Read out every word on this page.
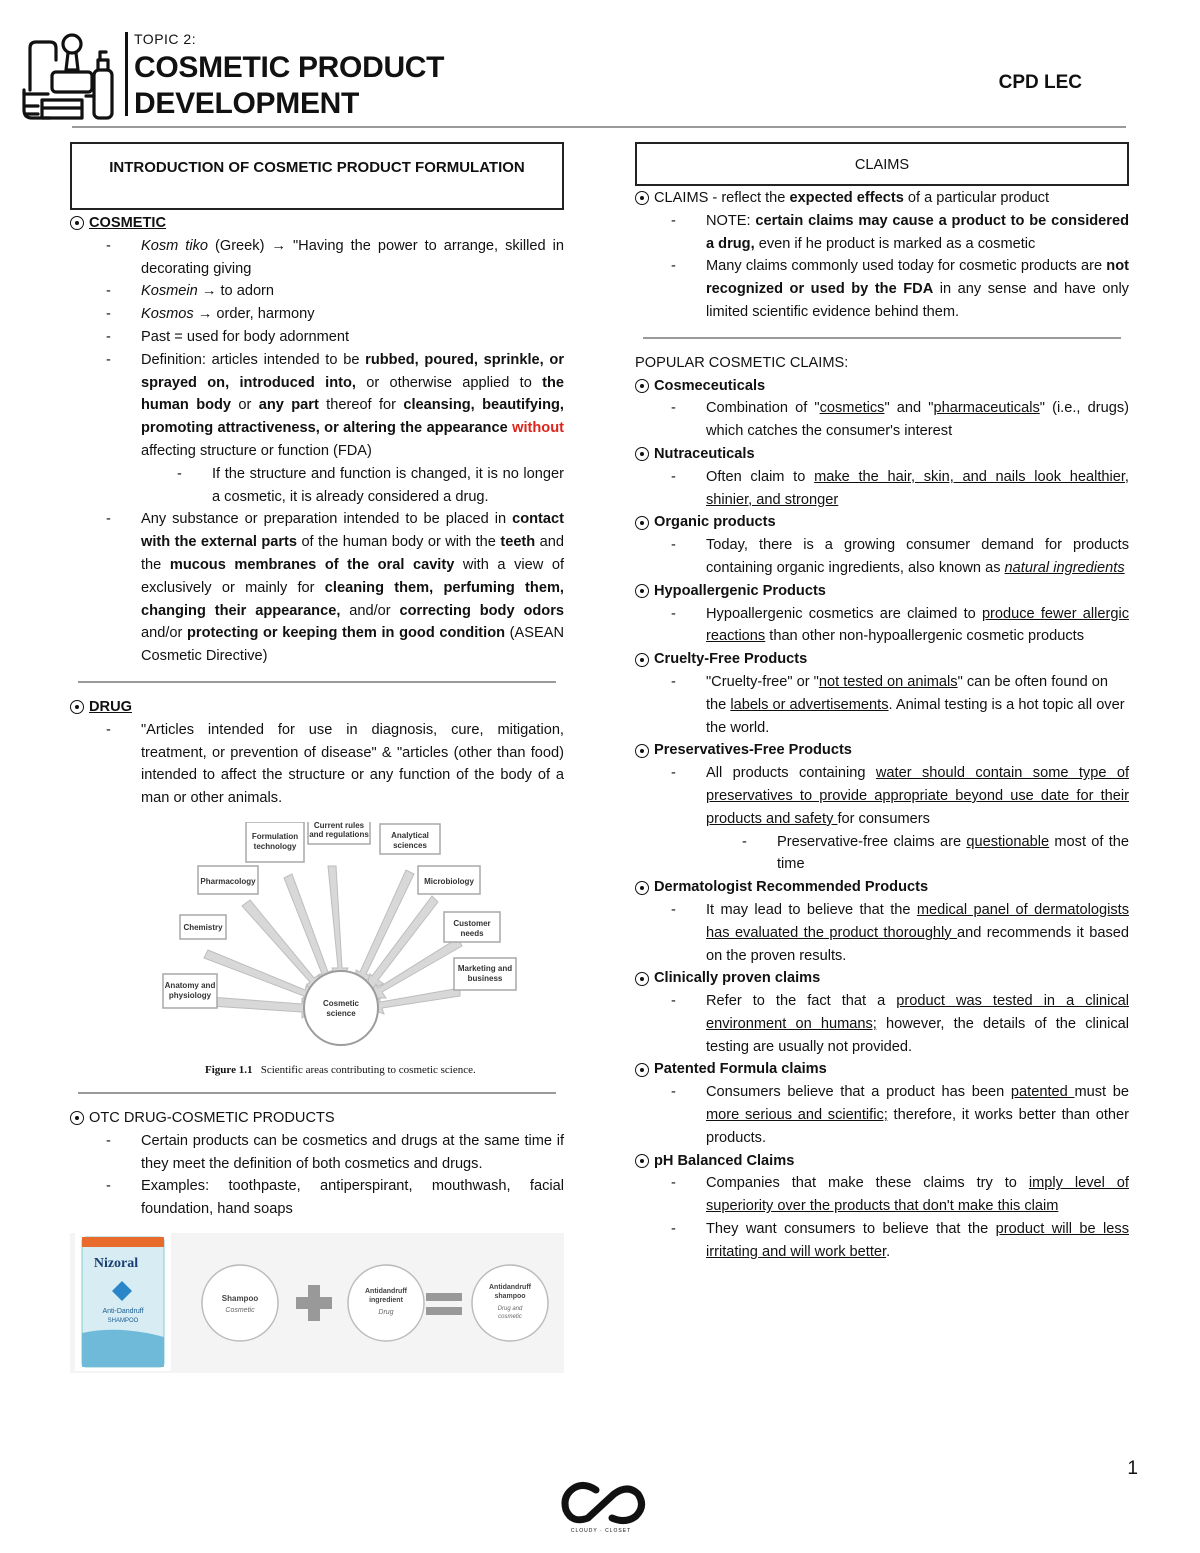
TOPIC 2:
COSMETIC PRODUCT
DEVELOPMENT
CPD LEC
INTRODUCTION OF COSMETIC PRODUCT FORMULATION
COSMETIC
- Kosm tiko (Greek) → "Having the power to arrange, skilled in decorating giving
- Kosmein → to adorn
- Kosmos → order, harmony
- Past = used for body adornment
- Definition: articles intended to be rubbed, poured, sprinkle, or sprayed on, introduced into, or otherwise applied to the human body or any part thereof for cleansing, beautifying, promoting attractiveness, or altering the appearance without affecting structure or function (FDA)
- If the structure and function is changed, it is no longer a cosmetic, it is already considered a drug.
- Any substance or preparation intended to be placed in contact with the external parts of the human body or with the teeth and the mucous membranes of the oral cavity with a view of exclusively or mainly for cleaning them, perfuming them, changing their appearance, and/or correcting body odors and/or protecting or keeping them in good condition (ASEAN Cosmetic Directive)
DRUG
- "Articles intended for use in diagnosis, cure, mitigation, treatment, or prevention of disease" & "articles (other than food) intended to affect the structure or any function of the body of a man or other animals.
Anatomy and
physiology
Chemistry
Pharmacology
Formulation
technology
Current rules
and regulations	Analytical
sciences
Microbiology
Customer
needs
Marketing and
business
Cosmetic
science
Figure 1.1 Scientific areas contributing to cosmetic science.
OTC DRUG-COSMETIC PRODUCTS
- Certain products can be cosmetics and drugs at the same time if they meet the definition of both cosmetics and drugs.
- Examples: toothpaste, antiperspirant, mouthwash, facial foundation, hand soaps
Nizoral
Anti-Dandruff
SHAMPOO
Shampoo
Cosmetic
Antidandruff
ingredient
Drug
Antidandruff
shampoo
Drug and
cosmetic
CLAIMS
CLAIMS - reflect the expected effects of a particular product
- NOTE: certain claims may cause a product to be considered a drug, even if he product is marked as a cosmetic
- Many claims commonly used today for cosmetic products are not recognized or used by the FDA in any sense and have only limited scientific evidence behind them.
POPULAR COSMETIC CLAIMS:
Cosmeceuticals
- Combination of "cosmetics" and "pharmaceuticals" (i.e., drugs) which catches the consumer's interest
Nutraceuticals
- Often claim to make the hair, skin, and nails look healthier, shinier, and stronger
Organic products
- Today, there is a growing consumer demand for products containing organic ingredients, also known as natural ingredients
Hypoallergenic Products
- Hypoallergenic cosmetics are claimed to produce fewer allergic reactions than other non-hypoallergenic cosmetic products
Cruelty-Free Products
- "Cruelty-free" or "not tested on animals" can be often found on the labels or advertisements. Animal testing is a hot topic all over the world.
Preservatives-Free Products
- All products containing water should contain some type of preservatives to provide appropriate beyond use date for their products and safety for consumers
- Preservative-free claims are questionable most of the time
Dermatologist Recommended Products
- It may lead to believe that the medical panel of dermatologists has evaluated the product thoroughly and recommends it based on the proven results.
Clinically proven claims
- Refer to the fact that a product was tested in a clinical environment on humans; however, the details of the clinical testing are usually not provided.
Patented Formula claims
- Consumers believe that a product has been patented must be more serious and scientific; therefore, it works better than other products.
pH Balanced Claims
- Companies that make these claims try to imply level of superiority over the products that don't make this claim
- They want consumers to believe that the product will be less irritating and will work better.
1
CLOUDY · CLOSET
